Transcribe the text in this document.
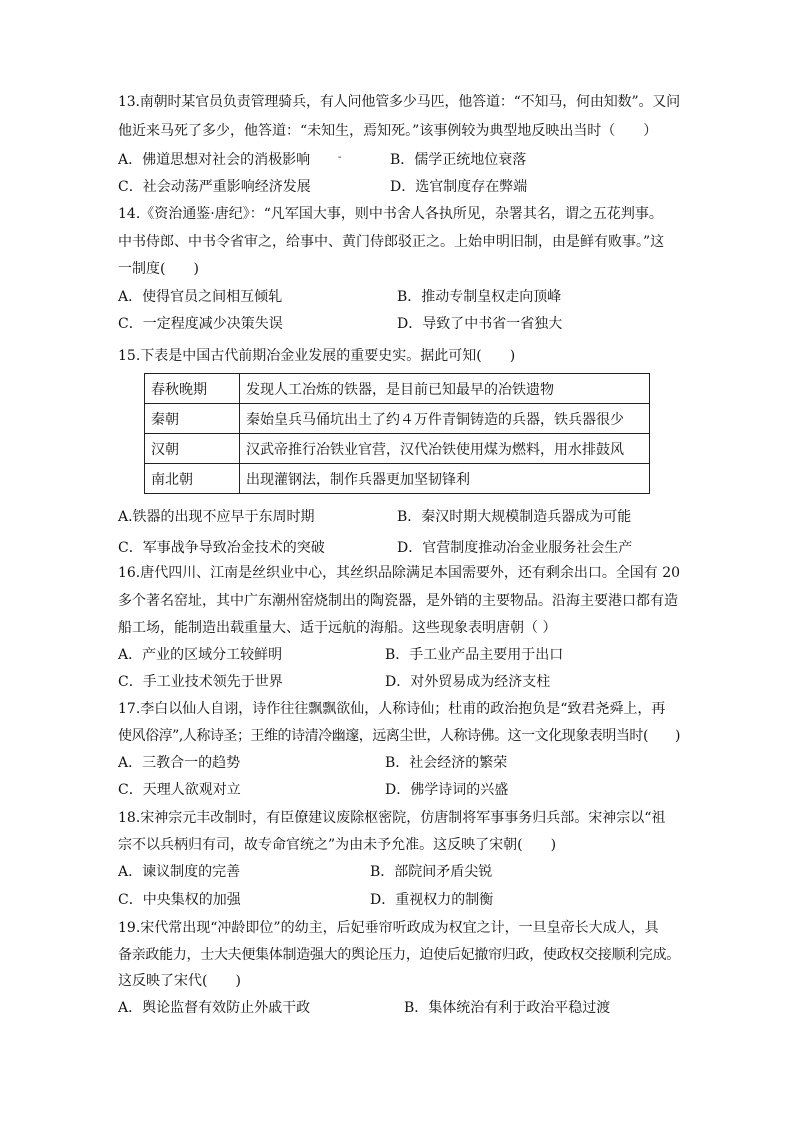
13.南朝时某官员负责管理骑兵，有人问他管多少马匹，他答道：“不知马，何由知数”。又问
他近来马死了多少，他答道：“未知生，焉知死。”该事例较为典型地反映出当时（　　）
A．佛道思想对社会的消极影响	-	B．儒学正统地位衰落
C．社会动荡严重影响经济发展	D．选官制度存在弊端
14.《资治通鉴·唐纪》：“凡军国大事，则中书舍人各执所见，杂署其名，谓之五花判事。
中书侍郎、中书令省审之，给事中、黄门侍郎驳正之。上始申明旧制，由是鲜有败事。”这
一制度(　　)
A．使得官员之间相互倾轧	B．推动专制皇权走向顶峰
C．一定程度减少决策失误	D．导致了中书省一省独大
15.下表是中国古代前期冶金业发展的重要史实。据此可知(　　)
春秋晚期	发现人工冶炼的铁器，是目前已知最早的冶铁遗物
秦朝	秦始皇兵马俑坑出土了约４万件青铜铸造的兵器，铁兵器很少
汉朝	汉武帝推行冶铁业官营，汉代冶铁使用煤为燃料，用水排鼓风
南北朝	出现灌钢法，制作兵器更加坚韧锋利
A.铁器的出现不应早于东周时期	B．秦汉时期大规模制造兵器成为可能
C．军事战争导致冶金技术的突破	D．官营制度推动冶金业服务社会生产
16.唐代四川、江南是丝织业中心，其丝织品除满足本国需要外，还有剩余出口。全国有 20
多个著名窑址，其中广东潮州窑烧制出的陶瓷器，是外销的主要物品。沿海主要港口都有造
船工场，能制造出载重量大、适于远航的海船。这些现象表明唐朝（ ）
A．产业的区域分工较鲜明	B．手工业产品主要用于出口
C．手工业技术领先于世界	D．对外贸易成为经济支柱
17.李白以仙人自诩，诗作往往飘飘欲仙，人称诗仙；杜甫的政治抱负是“致君尧舜上，再
使风俗淳”,人称诗圣；王维的诗清冷幽邃，远离尘世，人称诗佛。这一文化现象表明当时(　　)
A．三教合一的趋势	B．社会经济的繁荣
C．天理人欲观对立	D．佛学诗词的兴盛
18.宋神宗元丰改制时，有臣僚建议废除枢密院，仿唐制将军事事务归兵部。宋神宗以“祖
宗不以兵柄归有司，故专命官统之”为由未予允准。这反映了宋朝(　　)
A．谏议制度的完善	B．部院间矛盾尖锐
C．中央集权的加强	D．重视权力的制衡
19.宋代常出现“冲龄即位”的幼主，后妃垂帘听政成为权宜之计，一旦皇帝长大成人，具
备亲政能力，士大夫便集体制造强大的舆论压力，迫使后妃撤帘归政，使政权交接顺利完成。
这反映了宋代(　　)
A．舆论监督有效防止外戚干政	B．集体统治有利于政治平稳过渡
